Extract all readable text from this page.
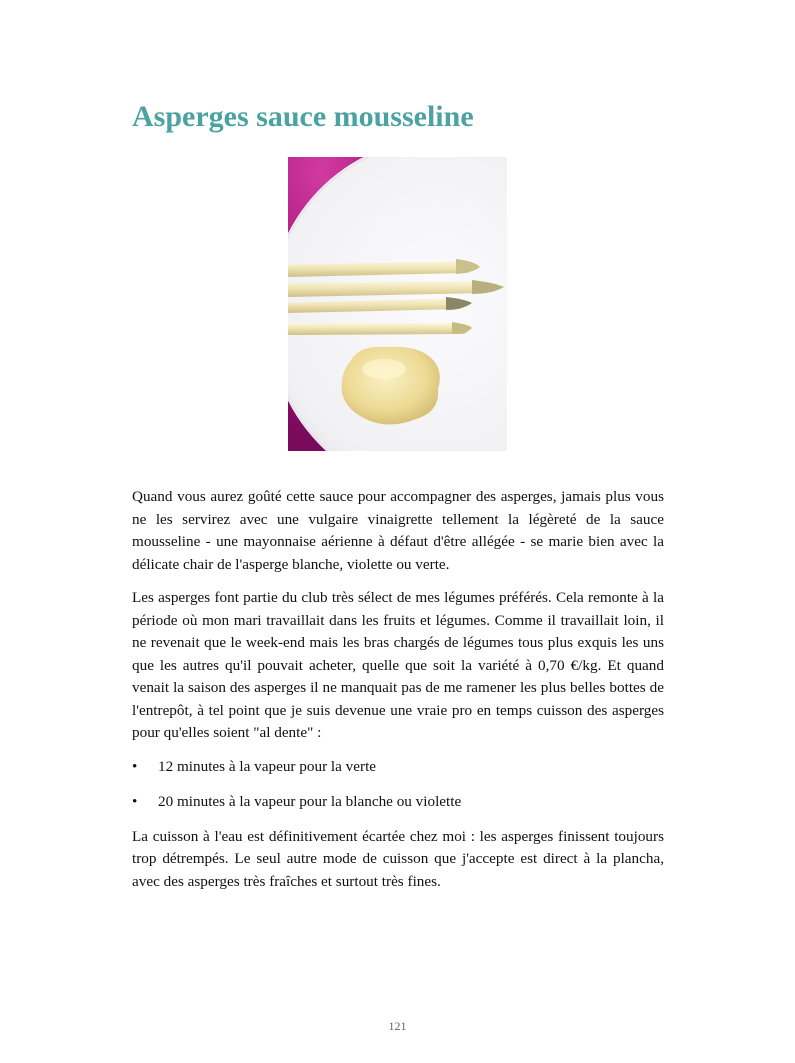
Asperges sauce mousseline

Quand vous aurez goûté cette sauce pour accompagner des asperges, jamais plus vous ne les servirez avec une vulgaire vinaigrette tellement la légèreté de la sauce mousseline - une mayonnaise aérienne à défaut d'être allégée - se marie bien avec la délicate chair de l'asperge blanche, violette ou verte.

Les asperges font partie du club très sélect de mes légumes préférés. Cela remonte à la période où mon mari travaillait dans les fruits et légumes. Comme il travaillait loin, il ne revenait que le week-end mais les bras chargés de légumes tous plus exquis les uns que les autres qu'il pouvait acheter, quelle que soit la variété à 0,70 €/kg. Et quand venait la saison des asperges il ne manquait pas de me ramener les plus belles bottes de l'entrepôt, à tel point que je suis devenue une vraie pro en temps cuisson des asperges pour qu'elles soient "al dente" :

• 12 minutes à la vapeur pour la verte
• 20 minutes à la vapeur pour la blanche ou violette

La cuisson à l'eau est définitivement écartée chez moi : les asperges finissent toujours trop détrempés. Le seul autre mode de cuisson que j'accepte est direct à la plancha, avec des asperges très fraîches et surtout très fines.

121
